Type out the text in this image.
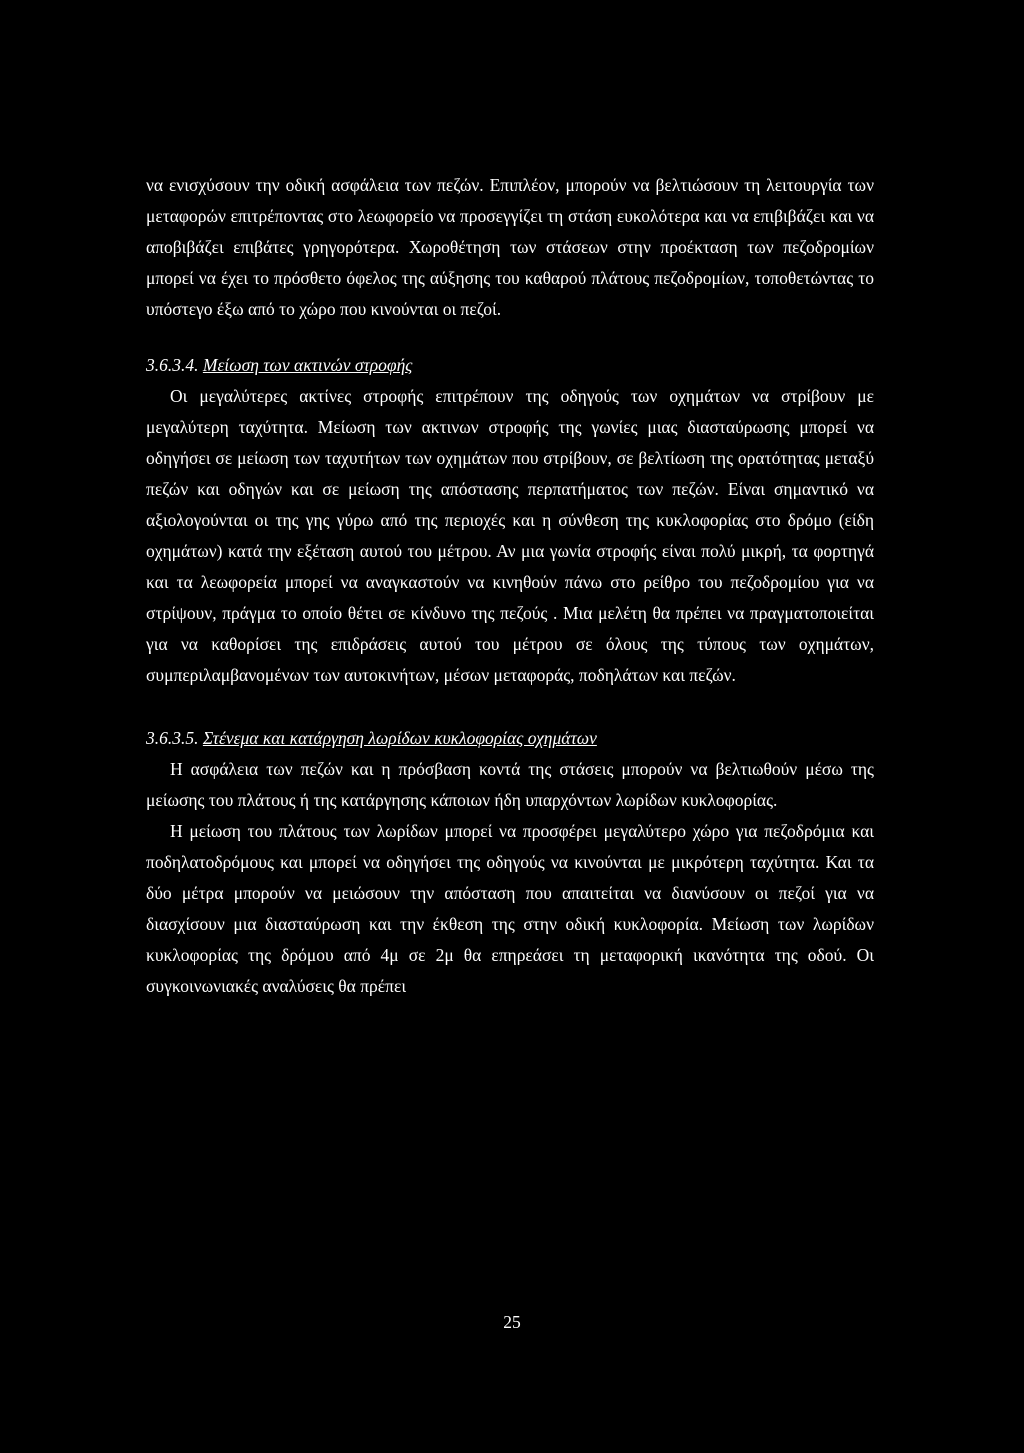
να ενισχύσουν την οδική ασφάλεια των πεζών. Επιπλέον, μπορούν να βελτιώσουν τη λειτουργία των μεταφορών επιτρέποντας στο λεωφορείο να προσεγγίζει τη στάση ευκολότερα και να επιβιβάζει και να αποβιβάζει επιβάτες γρηγορότερα. Χωροθέτηση των στάσεων στην προέκταση των πεζοδρομίων μπορεί να έχει το πρόσθετο όφελος της αύξησης του καθαρού πλάτους πεζοδρομίων, τοποθετώντας το υπόστεγο έξω από το χώρο που κινούνται οι πεζοί.

3.6.3.4. Μείωση των ακτινών στροφής

Οι μεγαλύτερες ακτίνες στροφής επιτρέπουν της οδηγούς των οχημάτων να στρίβουν με μεγαλύτερη ταχύτητα. Μείωση των ακτινων στροφής της γωνίες μιας διασταύρωσης μπορεί να οδηγήσει σε μείωση των ταχυτήτων των οχημάτων που στρίβουν, σε βελτίωση της ορατότητας μεταξύ πεζών και οδηγών και σε μείωση της απόστασης περπατήματος των πεζών. Είναι σημαντικό να αξιολογούνται οι της γης γύρω από της περιοχές και η σύνθεση της κυκλοφορίας στο δρόμο (είδη οχημάτων) κατά την εξέταση αυτού του μέτρου. Αν μια γωνία στροφής είναι πολύ μικρή, τα φορτηγά και τα λεωφορεία μπορεί να αναγκαστούν να κινηθούν πάνω στο ρείθρο του πεζοδρομίου για να στρίψουν, πράγμα το οποίο θέτει σε κίνδυνο της πεζούς . Μια μελέτη θα πρέπει να πραγματοποιείται για να καθορίσει της επιδράσεις αυτού του μέτρου σε όλους της τύπους των οχημάτων, συμπεριλαμβανομένων των αυτοκινήτων, μέσων μεταφοράς, ποδηλάτων και πεζών.

3.6.3.5. Στένεμα και κατάργηση λωρίδων κυκλοφορίας οχημάτων

Η ασφάλεια των πεζών και η πρόσβαση κοντά της στάσεις μπορούν να βελτιωθούν μέσω της μείωσης του πλάτους ή της κατάργησης κάποιων ήδη υπαρχόντων λωρίδων κυκλοφορίας.

Η μείωση του πλάτους των λωρίδων μπορεί να προσφέρει μεγαλύτερο χώρο για πεζοδρόμια και ποδηλατοδρόμους και μπορεί να οδηγήσει της οδηγούς να κινούνται με μικρότερη ταχύτητα. Και τα δύο μέτρα μπορούν να μειώσουν την απόσταση που απαιτείται να διανύσουν οι πεζοί για να διασχίσουν μια διασταύρωση και την έκθεση της στην οδική κυκλοφορία. Μείωση των λωρίδων κυκλοφορίας της δρόμου από 4μ σε 2μ θα επηρεάσει τη μεταφορική ικανότητα της οδού. Οι συγκοινωνιακές αναλύσεις θα πρέπει

25
